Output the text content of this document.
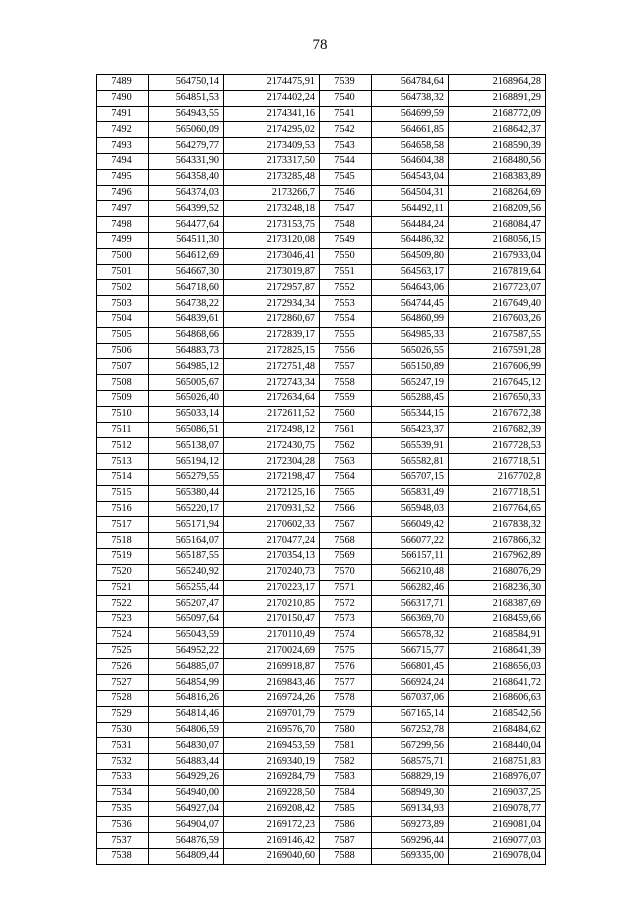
78
7489	564750,14	2174475,91	7539	564784,64	2168964,28
7490	564851,53	2174402,24	7540	564738,32	2168891,29
7491	564943,55	2174341,16	7541	564699,59	2168772,09
7492	565060,09	2174295,02	7542	564661,85	2168642,37
7493	564279,77	2173409,53	7543	564658,58	2168590,39
7494	564331,90	2173317,50	7544	564604,38	2168480,56
7495	564358,40	2173285,48	7545	564543,04	2168383,89
7496	564374,03	2173266,7	7546	564504,31	2168264,69
7497	564399,52	2173248,18	7547	564492,11	2168209,56
7498	564477,64	2173153,75	7548	564484,24	2168084,47
7499	564511,30	2173120,08	7549	564486,32	2168056,15
7500	564612,69	2173046,41	7550	564509,80	2167933,04
7501	564667,30	2173019,87	7551	564563,17	2167819,64
7502	564718,60	2172957,87	7552	564643,06	2167723,07
7503	564738,22	2172934,34	7553	564744,45	2167649,40
7504	564839,61	2172860,67	7554	564860,99	2167603,26
7505	564868,66	2172839,17	7555	564985,33	2167587,55
7506	564883,73	2172825,15	7556	565026,55	2167591,28
7507	564985,12	2172751,48	7557	565150,89	2167606,99
7508	565005,67	2172743,34	7558	565247,19	2167645,12
7509	565026,40	2172634,64	7559	565288,45	2167650,33
7510	565033,14	2172611,52	7560	565344,15	2167672,38
7511	565086,51	2172498,12	7561	565423,37	2167682,39
7512	565138,07	2172430,75	7562	565539,91	2167728,53
7513	565194,12	2172304,28	7563	565582,81	2167718,51
7514	565279,55	2172198,47	7564	565707,15	2167702,8
7515	565380,44	2172125,16	7565	565831,49	2167718,51
7516	565220,17	2170931,52	7566	565948,03	2167764,65
7517	565171,94	2170602,33	7567	566049,42	2167838,32
7518	565164,07	2170477,24	7568	566077,22	2167866,32
7519	565187,55	2170354,13	7569	566157,11	2167962,89
7520	565240,92	2170240,73	7570	566210,48	2168076,29
7521	565255,44	2170223,17	7571	566282,46	2168236,30
7522	565207,47	2170210,85	7572	566317,71	2168387,69
7523	565097,64	2170150,47	7573	566369,70	2168459,66
7524	565043,59	2170110,49	7574	566578,32	2168584,91
7525	564952,22	2170024,69	7575	566715,77	2168641,39
7526	564885,07	2169918,87	7576	566801,45	2168656,03
7527	564854,99	2169843,46	7577	566924,24	2168641,72
7528	564816,26	2169724,26	7578	567037,06	2168606,63
7529	564814,46	2169701,79	7579	567165,14	2168542,56
7530	564806,59	2169576,70	7580	567252,78	2168484,62
7531	564830,07	2169453,59	7581	567299,56	2168440,04
7532	564883,44	2169340,19	7582	568575,71	2168751,83
7533	564929,26	2169284,79	7583	568829,19	2168976,07
7534	564940,00	2169228,50	7584	568949,30	2169037,25
7535	564927,04	2169208,42	7585	569134,93	2169078,77
7536	564904,07	2169172,23	7586	569273,89	2169081,04
7537	564876,59	2169146,42	7587	569296,44	2169077,03
7538	564809,44	2169040,60	7588	569335,00	2169078,04
